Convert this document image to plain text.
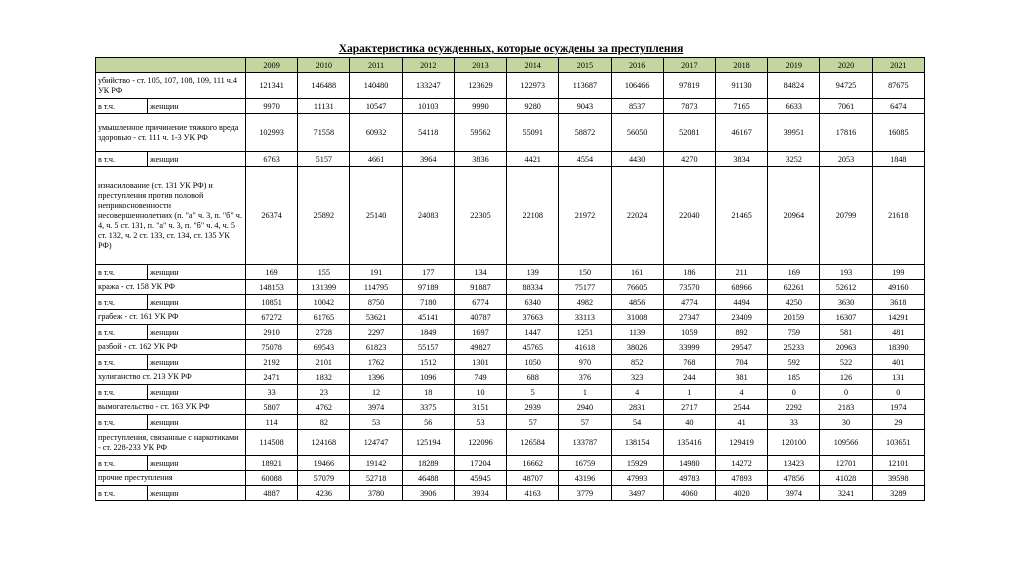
Характеристика осужденных, которые осуждены за преступления
		2009	2010	2011	2012	2013	2014	2015	2016	2017	2018	2019	2020	2021
убийство - ст. 105, 107, 108, 109, 111 ч.4 УК РФ		121341	146488	140480	133247	123629	122973	113687	106466	97819	91130	84824	94725	87675
в т.ч.	женщин	9970	11131	10547	10103	9990	9280	9043	8537	7873	7165	6633	7061	6474
умышленное причинение тяжкого вреда здоровью - ст. 111 ч. 1-3 УК РФ		102993	71558	60932	54118	59562	55091	58872	56050	52081	46167	39951	17816	16085
в т.ч.	женщин	6763	5157	4661	3964	3836	4421	4554	4430	4270	3834	3252	2053	1848
изнасилование (ст. 131 УК РФ) и преступления против половой неприкосновенности несовершеннолетних (п. "а" ч. 3, п. "б" ч. 4, ч. 5 ст. 131, п. "а" ч. 3, п. "б" ч. 4, ч. 5 ст. 132, ч. 2 ст. 133, ст. 134, ст. 135 УК РФ)		26374	25892	25140	24083	22305	22108	21972	22024	22040	21465	20964	20799	21618
в т.ч.	женщин	169	155	191	177	134	139	150	161	186	211	169	193	199
кража - ст. 158 УК РФ		148153	131399	114795	97189	91887	88334	75177	76605	73570	68966	62261	52612	49160
в т.ч.	женщин	10851	10042	8750	7180	6774	6340	4982	4856	4774	4494	4250	3630	3618
грабеж - ст. 161 УК РФ		67272	61765	53621	45141	40787	37663	33113	31008	27347	23409	20159	16307	14291
в т.ч.	женщин	2910	2728	2297	1849	1697	1447	1251	1139	1059	892	759	581	481
разбой - ст. 162 УК РФ		75078	69543	61823	55157	49827	45765	41618	38026	33999	29547	25233	20963	18390
в т.ч.	женщин	2192	2101	1762	1512	1301	1050	970	852	768	704	592	522	401
хулиганство ст. 213 УК РФ		2471	1832	1396	1096	749	688	376	323	244	381	185	126	131
в т.ч.	женщин	33	23	12	18	10	5	1	4	1	4	0	0	0
вымогательство - ст. 163 УК РФ		5807	4762	3974	3375	3151	2939	2940	2831	2717	2544	2292	2183	1974
в т.ч.	женщин	114	82	53	56	53	57	57	54	40	41	33	30	29
преступления, связанные с наркотиками - ст. 228-233 УК РФ		114508	124168	124747	125194	122096	126584	133787	138154	135416	129419	120100	109566	103651
в т.ч.	женщин	18921	19466	19142	18289	17204	16662	16759	15929	14980	14272	13423	12701	12101
прочие преступления		60088	57079	52718	46488	45945	48707	43196	47993	49783	47893	47856	41028	39598
в т.ч.	женщин	4887	4236	3780	3906	3934	4163	3779	3497	4060	4020	3974	3241	3289
